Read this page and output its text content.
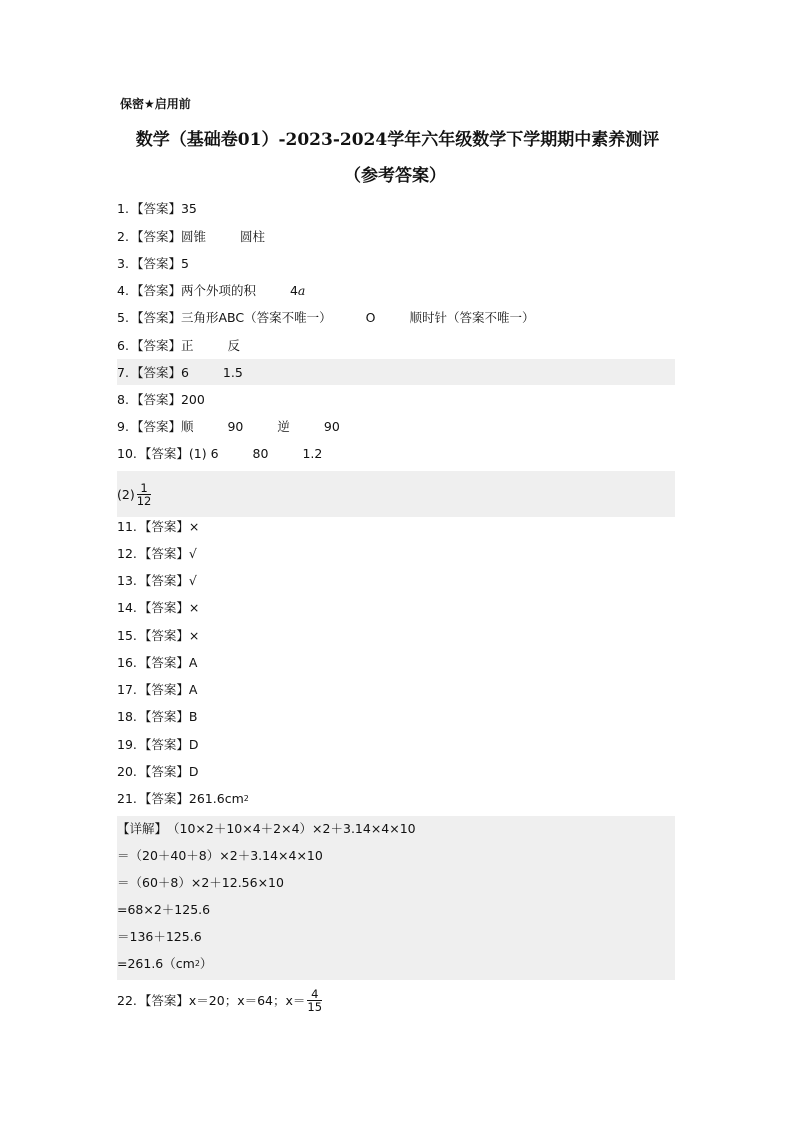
保密★启用前
数学（基础卷01）-2023-2024学年六年级数学下学期期中素养测评
（参考答案）
1. 【答案】 35
2. 【答案】 圆锥	圆柱
3. 【答案】 5
4. 【答案】 两个外项的积	4 a
5. 【答案】 三角形ABC（答案不唯一）	O	顺时针（答案不唯一）
6. 【答案】 正	反
7. 【答案】 6	1.5
8. 【答案】 200
9. 【答案】 顺	90	逆	90
10. 【答案】 (1) 6	80	1.2
$(2) \frac{1}{12}$
11. 【答案】 ×
12. 【答案】 √
13. 【答案】 √
14. 【答案】 ×
15. 【答案】 ×
16. 【答案】 A
17. 【答案】 A
18. 【答案】 B
19. 【答案】 D
20. 【答案】 D
21. 【答案】 261.6cm 2
【详解】 （10×2＋10×4＋2×4）×2＋3.14×4×10
＝（20＋40＋8）×2＋3.14×4×10
＝（60＋8）×2＋12.56×10
=68×2＋125.6
＝136＋125.6
=261.6（cm 2 ）
22. 【答案】 x＝20；x＝64；$x= \frac{4}{15}$
